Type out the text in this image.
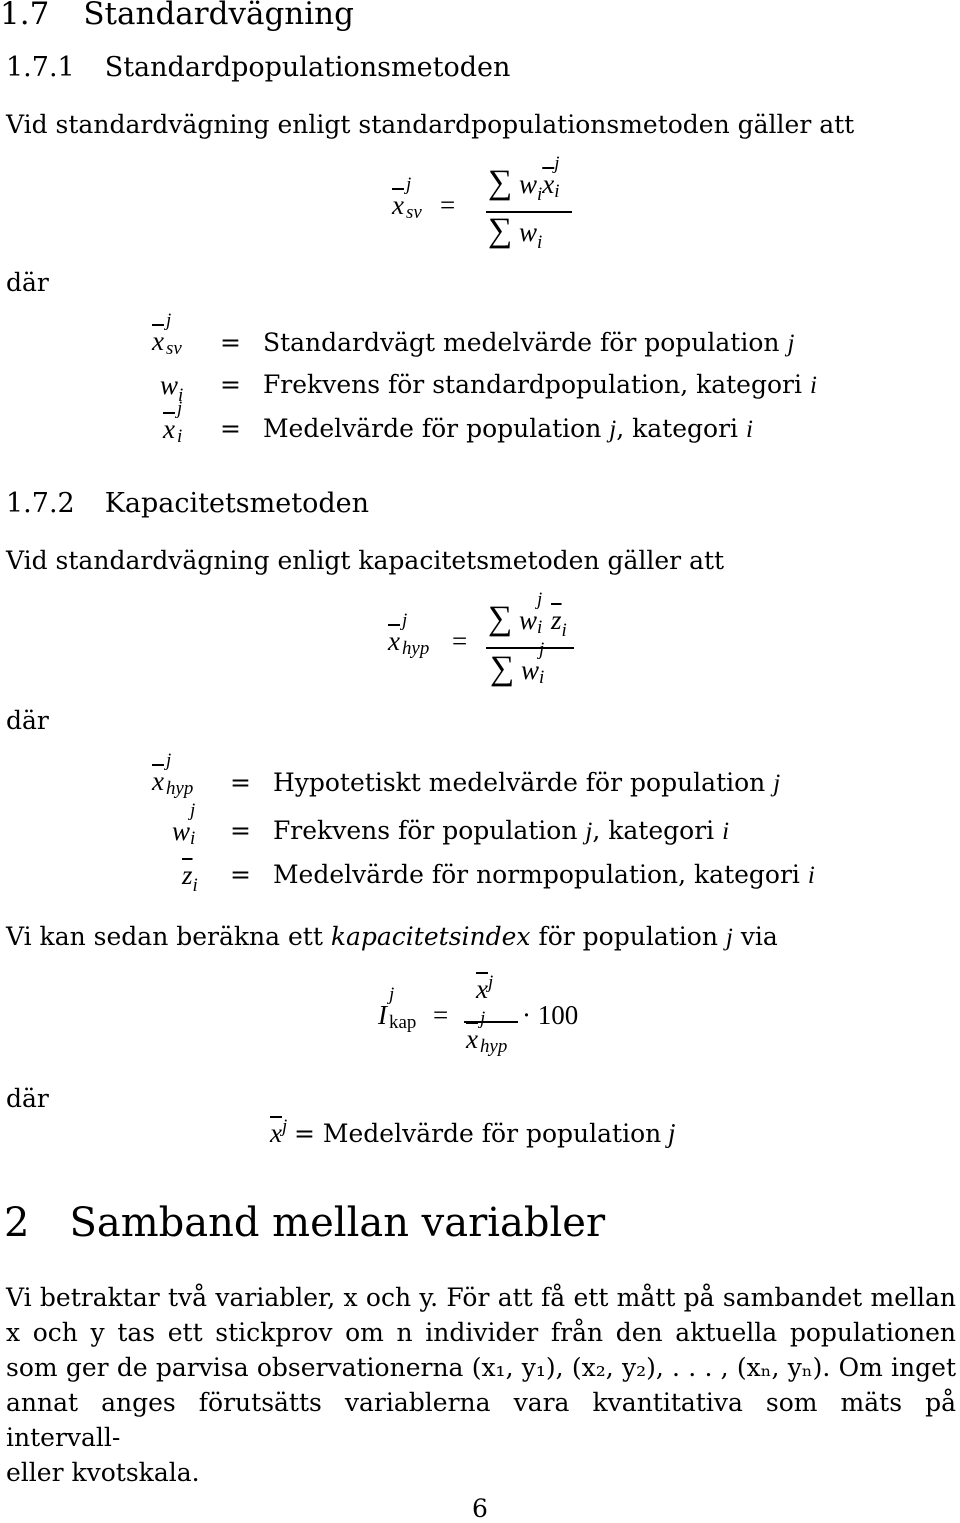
1.7 Standardvägning
1.7.1 Standardpopulationsmetoden
Vid standardvägning enligt standardpopulationsmetoden gäller att
$\overline{x}$
j
sv =
∑ $w_i\overline{x}$
j
i
∑ $w_i$
där
$\overline{x}$
j
sv
$w_i$
$\overline{x}$
j
i
= Standardvägt medelvärde för population j
= Frekvens för standardpopulation, kategori i
= Medelvärde för population j, kategori i
1.7.2 Kapacitetsmetoden
Vid standardvägning enligt kapacitetsmetoden gäller att
$\overline{x}$
j
hyp =
∑ w
j
i $\overline{z}_i$
∑ w
j
i
där
$\overline{x}$
j
hyp
w
j
i
$\overline{z}_i$
= Hypotetiskt medelvärde för population j
= Frekvens för population j, kategori i
= Medelvärde för normpopulation, kategori i
Vi kan sedan beräkna ett kapacitetsindex för population j via
I
j
kap =
$\overline{x}^j$
$\overline{x}$
j
hyp
· 100
där
$\overline{x}^j$ = Medelvärde för population j
2 Samband mellan variabler
Vi betraktar två variabler, x och y. För att få ett mått på sambandet mellan
x och y tas ett stickprov om n individer från den aktuella populationen
som ger de parvisa observationerna (x₁, y₁), (x₂, y₂), . . . , (xₙ, yₙ). Om inget
annat anges förutsätts variablerna vara kvantitativa som mäts på intervall-
eller kvotskala.
6
